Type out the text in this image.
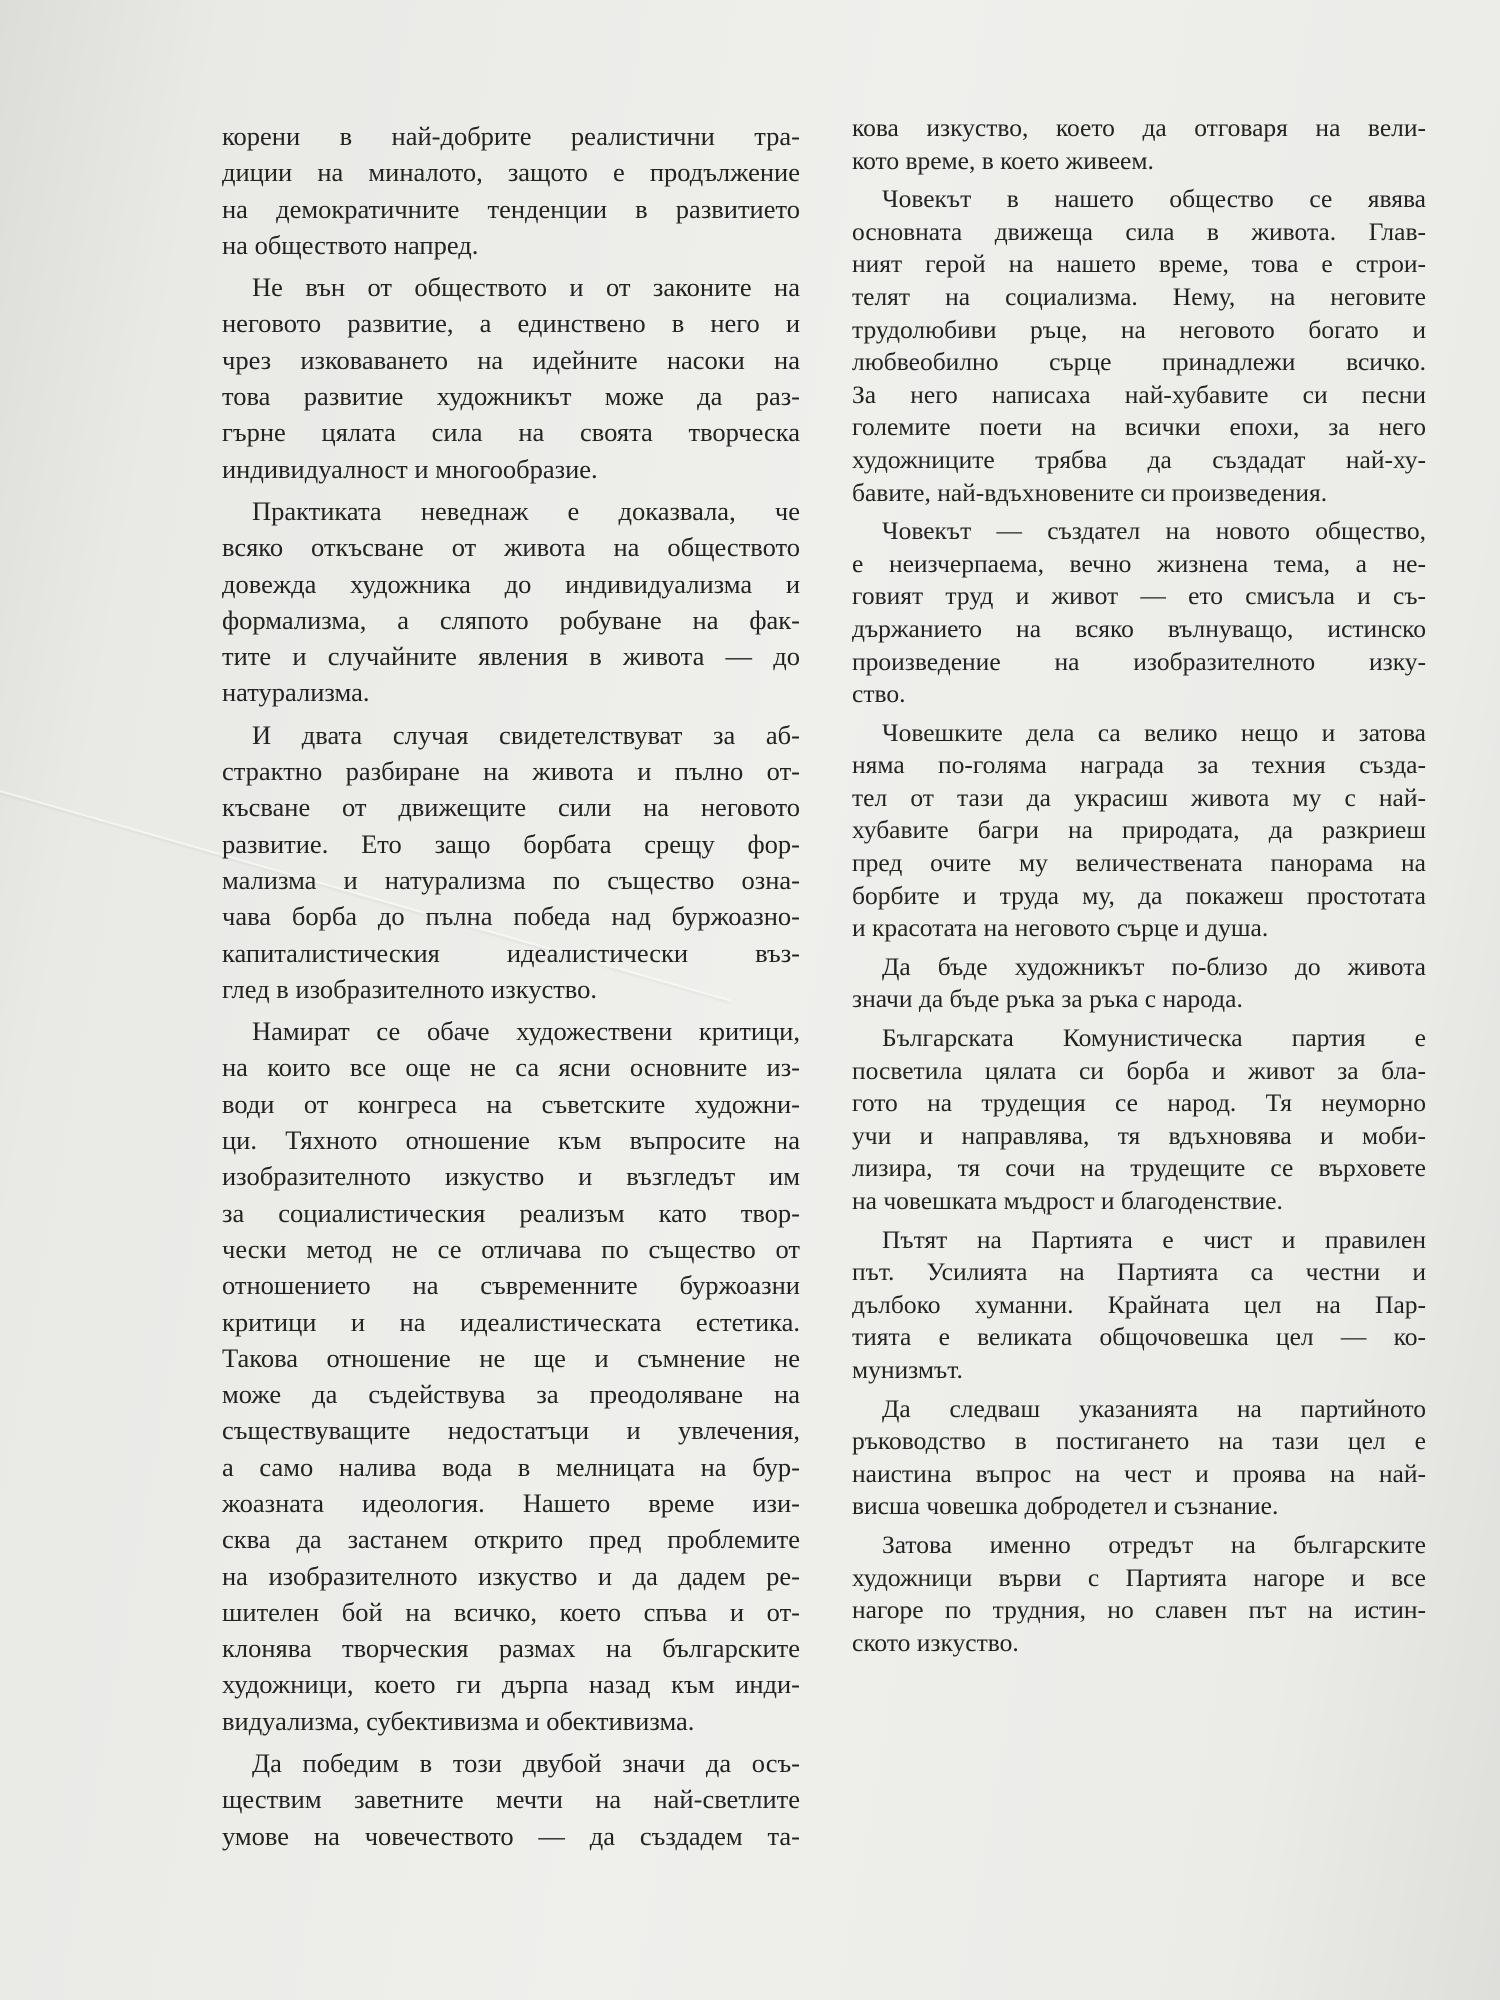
корени в най-добрите реалистични тра-
диции на миналото, защото е продължение
на демократичните тенденции в развитието
на обществото напред.
Не вън от обществото и от законите на
неговото развитие, а единствено в него и
чрез изковаването на идейните насоки на
това развитие художникът може да раз-
гърне цялата сила на своята творческа
индивидуалност и многообразие.
Практиката неведнаж е доказвала, че
всяко откъсване от живота на обществото
довежда художника до индивидуализма и
формализма, а сляпото робуване на фак-
тите и случайните явления в живота — до
натурализма.
И двата случая свидетелствуват за аб-
страктно разбиране на живота и пълно от-
късване от движещите сили на неговото
развитие. Ето защо борбата срещу фор-
мализма и натурализма по същество озна-
чава борба до пълна победа над буржоазно-
капиталистическия идеалистически въз-
глед в изобразителното изкуство.
Намират се обаче художествени критици,
на които все още не са ясни основните из-
води от конгреса на съветските художни-
ци. Тяхното отношение към въпросите на
изобразителното изкуство и възгледът им
за социалистическия реализъм като твор-
чески метод не се отличава по същество от
отношението на съвременните буржоазни
критици и на идеалистическата естетика.
Такова отношение не ще и съмнение не
може да съдействува за преодоляване на
съществуващите недостатъци и увлечения,
а само налива вода в мелницата на бур-
жоазната идеология. Нашето време изи-
сква да застанем открито пред проблемите
на изобразителното изкуство и да дадем ре-
шителен бой на всичко, което спъва и от-
клонява творческия размах на българските
художници, което ги дърпа назад към инди-
видуализма, субективизма и обективизма.
Да победим в този двубой значи да осъ-
ществим заветните мечти на най-светлите
умове на човечеството — да създадем та-
кова изкуство, което да отговаря на вели-
кото време, в което живеем.
Човекът в нашето общество се явява
основната движеща сила в живота. Глав-
ният герой на нашето време, това е строи-
телят на социализма. Нему, на неговите
трудолюбиви ръце, на неговото богато и
любвеобилно сърце принадлежи всичко.
За него написаха най-хубавите си песни
големите поети на всички епохи, за него
художниците трябва да създадат най-ху-
бавите, най-вдъхновените си произведения.
Човекът — създател на новото общество,
е неизчерпаема, вечно жизнена тема, а не-
говият труд и живот — ето смисъла и съ-
държанието на всяко вълнуващо, истинско
произведение на изобразителното изку-
ство.
Човешките дела са велико нещо и затова
няма по-голяма награда за техния създа-
тел от тази да украсиш живота му с най-
хубавите багри на природата, да разкриеш
пред очите му величествената панорама на
борбите и труда му, да покажеш простотата
и красотата на неговото сърце и душа.
Да бъде художникът по-близо до живота
значи да бъде ръка за ръка с народа.
Българската Комунистическа партия е
посветила цялата си борба и живот за бла-
гото на трудещия се народ. Тя неуморно
учи и направлява, тя вдъхновява и моби-
лизира, тя сочи на трудещите се върховете
на човешката мъдрост и благоденствие.
Пътят на Партията е чист и правилен
път. Усилията на Партията са честни и
дълбоко хуманни. Крайната цел на Пар-
тията е великата общочовешка цел — ко-
мунизмът.
Да следваш указанията на партийното
ръководство в постигането на тази цел е
наистина въпрос на чест и проява на най-
висша човешка добродетел и съзнание.
Затова именно отредът на българските
художници върви с Партията нагоре и все
нагоре по трудния, но славен път на истин-
ското изкуство.
